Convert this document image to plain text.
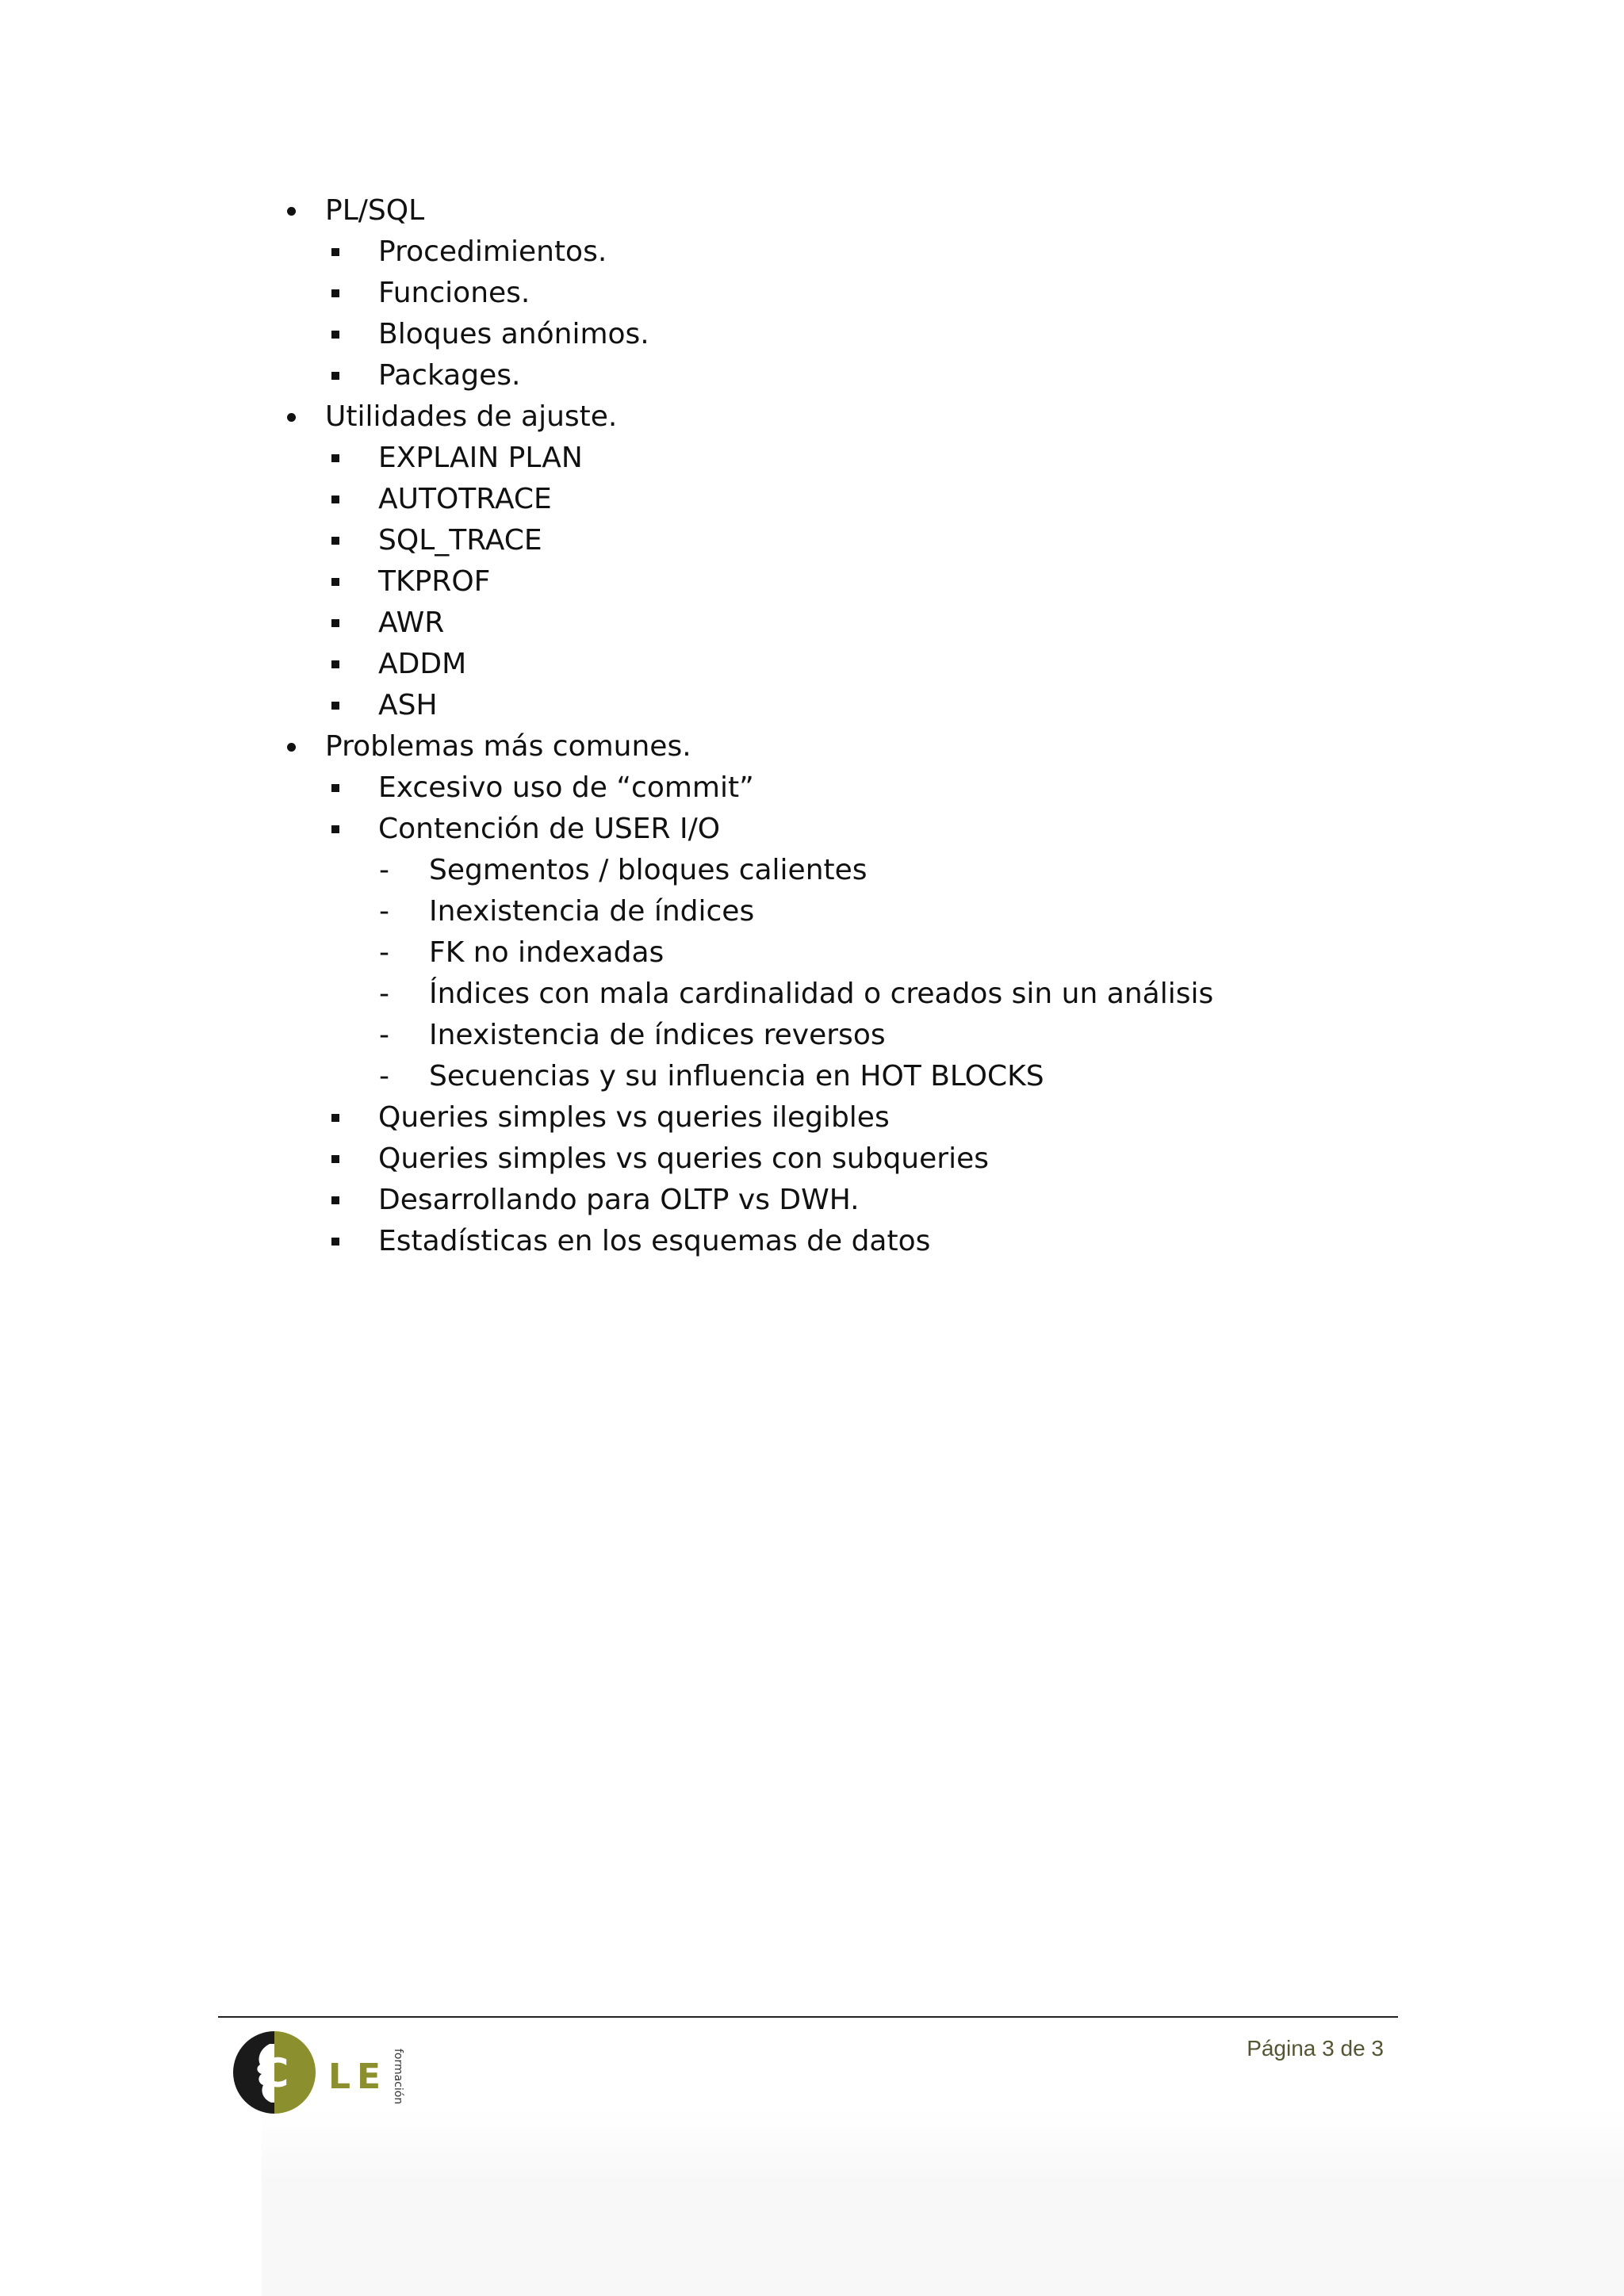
PL/SQL
Procedimientos.
Funciones.
Bloques anónimos.
Packages.
Utilidades de ajuste.
EXPLAIN PLAN
AUTOTRACE
SQL_TRACE
TKPROF
AWR
ADDM
ASH
Problemas más comunes.
Excesivo uso de “commit”
Contención de USER I/O
- Segmentos / bloques calientes
- Inexistencia de índices
- FK no indexadas
- Índices con mala cardinalidad o creados sin un análisis
- Inexistencia de índices reversos
- Secuencias y su influencia en HOT BLOCKS
Queries simples vs queries ilegibles
Queries simples vs queries con subqueries
Desarrollando para OLTP vs DWH.
Estadísticas en los esquemas de datos
C L E formación
Página 3 de 3
